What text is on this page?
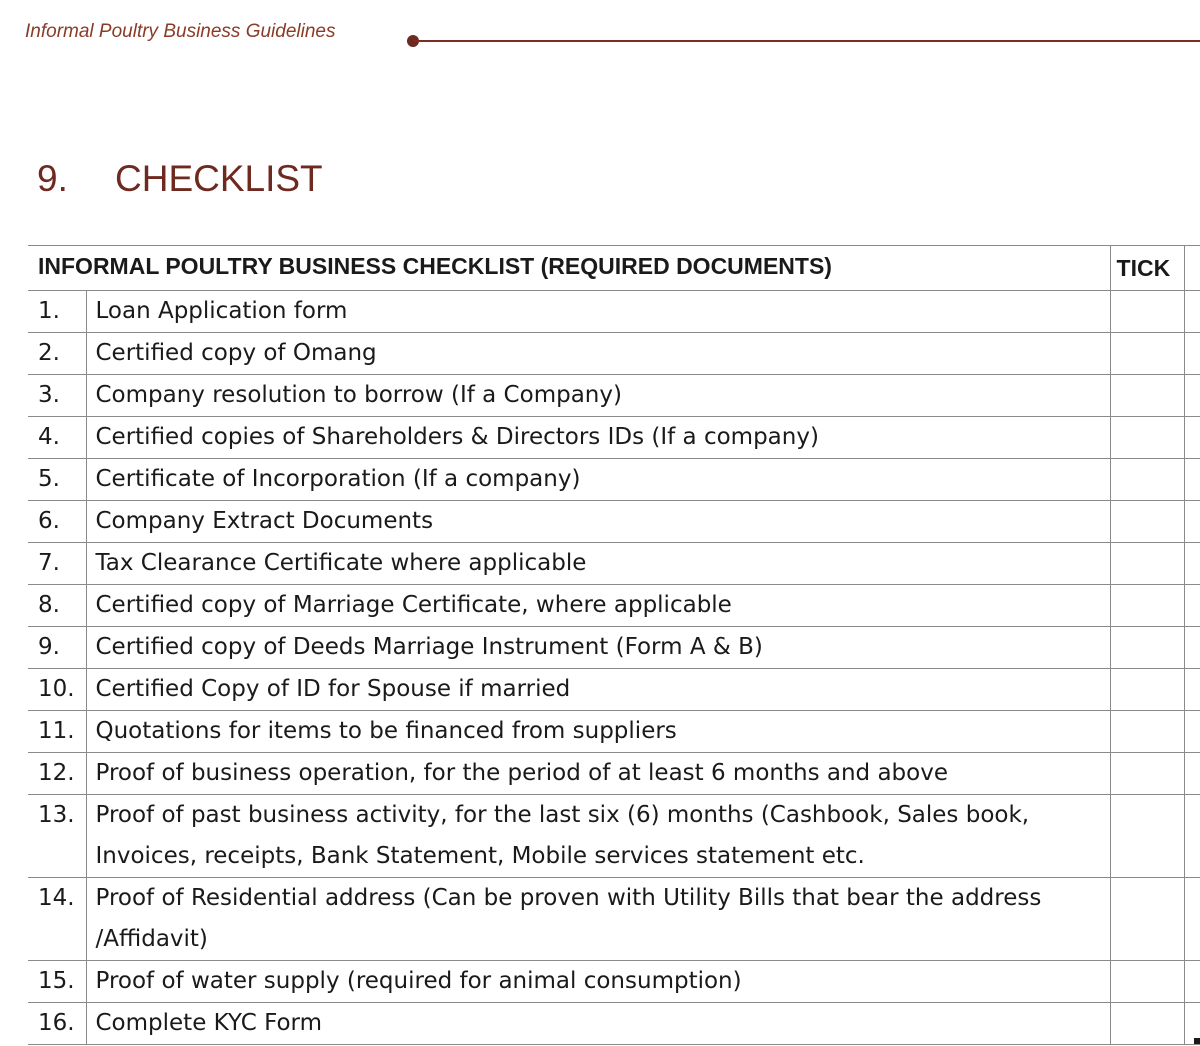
Informal Poultry Business Guidelines
9. CHECKLIST
INFORMAL POULTRY BUSINESS CHECKLIST (REQUIRED DOCUMENTS)		TICK	
1.	Loan Application form		
2.	Certified copy of Omang		
3.	Company resolution to borrow (If a Company)		
4.	Certified copies of Shareholders & Directors IDs (If a company)		
5.	Certificate of Incorporation (If a company)		
6.	Company Extract Documents		
7.	Tax Clearance Certificate where applicable		
8.	Certified copy of Marriage Certificate, where applicable		
9.	Certified copy of Deeds Marriage Instrument (Form A & B)		
10.	Certified Copy of ID for Spouse if married		
11.	Quotations for items to be financed from suppliers		
12.	Proof of business operation, for the period of at least 6 months and above		
13.	Proof of past business activity, for the last six (6) months (Cashbook, Sales book, Invoices, receipts, Bank Statement, Mobile services statement etc.		
14.	Proof of Residential address (Can be proven with Utility Bills that bear the address /Affidavit)		
15.	Proof of water supply (required for animal consumption)		
16.	Complete KYC Form		
